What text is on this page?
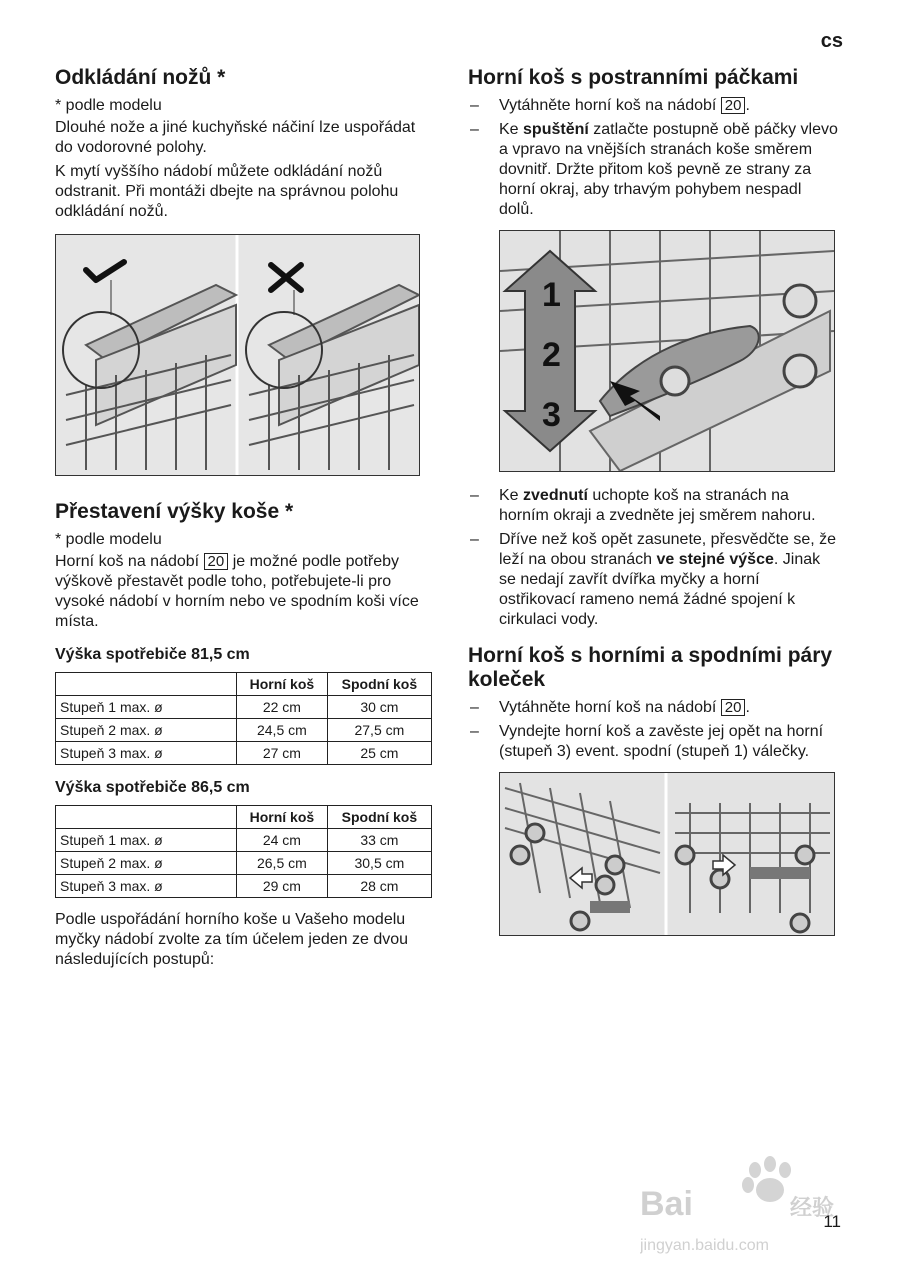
cs
Odkládání nožů *

* podle modelu

Dlouhé nože a jiné kuchyňské náčiní lze uspořádat do vodorovné polohy.

K mytí vyššího nádobí můžete odkládání nožů odstranit. Při montáži dbejte na správnou polohu odkládání nožů.

Přestavení výšky koše *

* podle modelu

Horní koš na nádobí 20 je možné podle potřeby výškově přestavět podle toho, potřebujete-li pro vysoké nádobí v horním nebo ve spodním koši více místa.

Výška spotřebiče 81,5 cm
	Horní koš	Spodní koš
Stupeň 1 max. ø	22 cm	30 cm
Stupeň 2 max. ø	24,5 cm	27,5 cm
Stupeň 3 max. ø	27 cm	25 cm
Výška spotřebiče 86,5 cm
	Horní koš	Spodní koš
Stupeň 1 max. ø	24 cm	33 cm
Stupeň 2 max. ø	26,5 cm	30,5 cm
Stupeň 3 max. ø	29 cm	28 cm

Podle uspořádání horního koše u Vašeho modelu myčky nádobí zvolte za tím účelem jeden ze dvou následujících postupů:

Horní koš s postranními páčkami
– Vytáhněte horní koš na nádobí 20 .
– Ke spuštění zatlačte postupně obě páčky vlevo a vpravo na vnějších stranách koše směrem dovnitř. Držte přitom koš pevně ze strany za horní okraj, aby trhavým pohybem nespadl dolů.
1
2
3
– Ke zvednutí uchopte koš na stranách na horním okraji a zvedněte jej směrem nahoru.
– Dříve než koš opět zasunete, přesvědčte se, že leží na obou stranách ve stejné výšce. Jinak se nedají zavřít dvířka myčky a horní ostřikovací rameno nemá žádné spojení k cirkulaci vody.
Horní koš s horními a spodními páry koleček
– Vytáhněte horní koš na nádobí 20 .
– Vyndejte horní koš a zavěste jej opět na horní (stupeň 3) event. spodní (stupeň 1) válečky.
Bai	经验
jingyan.baidu.com
11
